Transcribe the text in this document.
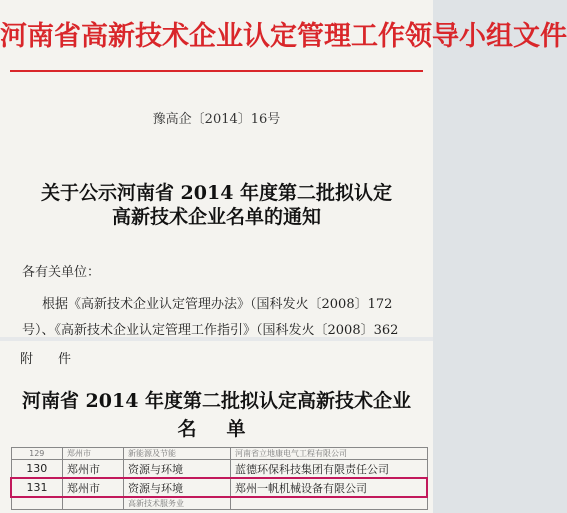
河南省高新技术企业认定管理工作领导小组文件
豫高企〔2014〕16号
关于公示河南省 2014 年度第二批拟认定
高新技术企业名单的通知
各有关单位：
根据《高新技术企业认定管理办法》（国科发火〔2008〕172
号）、《高新技术企业认定管理工作指引》（国科发火〔2008〕362
附　件
河南省 2014 年度第二批拟认定高新技术企业
名单
129	郑州市	新能源及节能	河南省立地康电气工程有限公司
130	郑州市	资源与环境	蓝德环保科技集团有限责任公司
131	郑州市	资源与环境	郑州一帆机械设备有限公司
		高新技术服务业	
